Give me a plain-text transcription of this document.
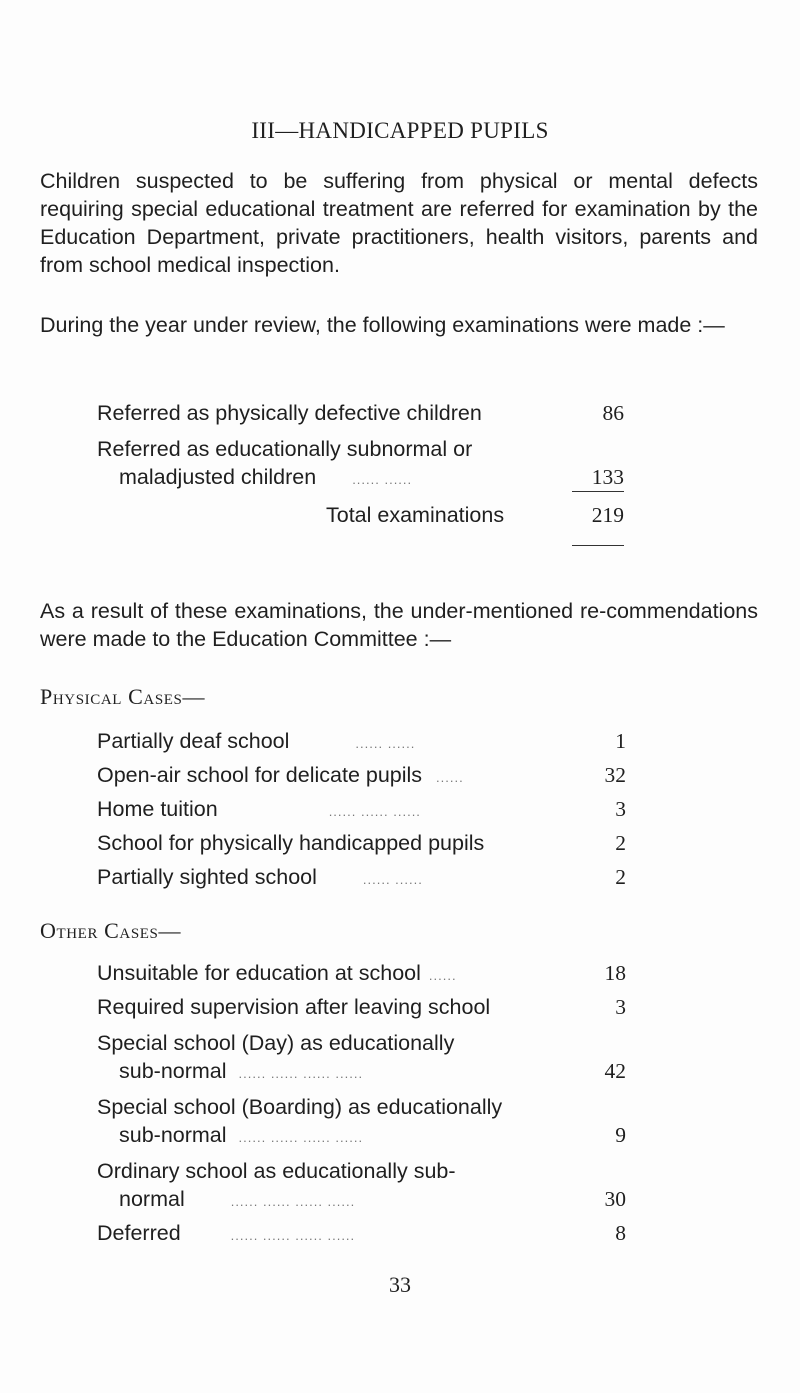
III—HANDICAPPED PUPILS
Children suspected to be suffering from physical or mental defects requiring special educational treatment are referred for examination by the Education Department, private practitioners, health visitors, parents and from school medical inspection.
During the year under review, the following examinations were made :—
Referred as physically defective children	86
Referred as educationally subnormal or
maladjusted children	...... ......	133
Total examinations	219
As a result of these examinations, the under-mentioned re-commendations were made to the Education Committee :—
Physical Cases—
Partially deaf school	...... ......	1
Open-air school for delicate pupils ......	32
Home tuition	...... ...... ......	3
School for physically handicapped pupils	2
Partially sighted school	...... ......	2
Other Cases—
Unsuitable for education at school ......	18
Required supervision after leaving school	3
Special school (Day) as educationally
sub-normal ...... ...... ...... ......	42
Special school (Boarding) as educationally
sub-normal ...... ...... ...... ......	9
Ordinary school as educationally sub-
normal	...... ...... ...... ......	30
Deferred	...... ...... ...... ......	8
33
